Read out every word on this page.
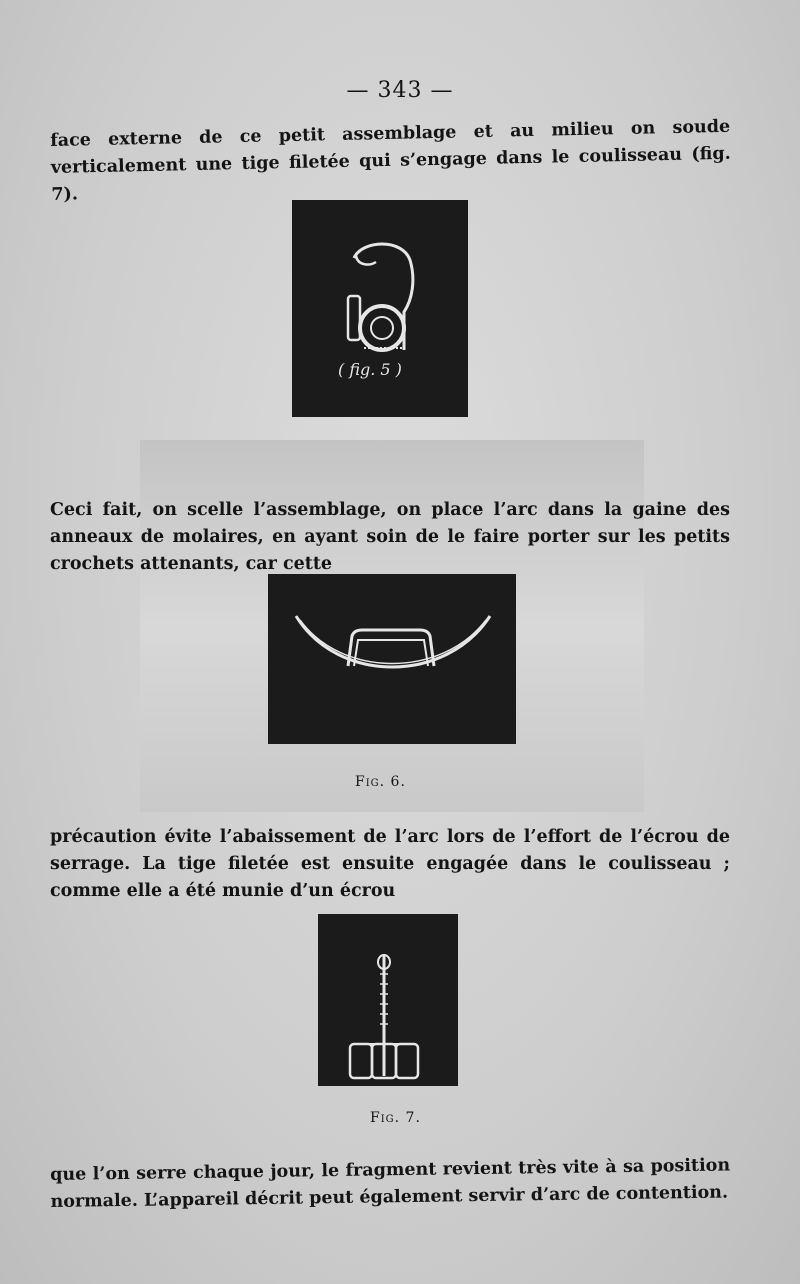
— 343 —
face externe de ce petit assemblage et au milieu on soude verticalement une tige filetée qui s’engage dans le coulisseau (fig. 7).
( fig. 5 )
Ceci fait, on scelle l’assemblage, on place l’arc dans la gaine des anneaux de molaires, en ayant soin de le faire porter sur les petits crochets attenants, car cette
Fig. 6.
précaution évite l’abaissement de l’arc lors de l’effort de l’écrou de serrage. La tige filetée est ensuite engagée dans le coulisseau ; comme elle a été munie d’un écrou
Fig. 7.
que l’on serre chaque jour, le fragment revient très vite à sa position normale. L’appareil décrit peut également servir d’arc de contention.
